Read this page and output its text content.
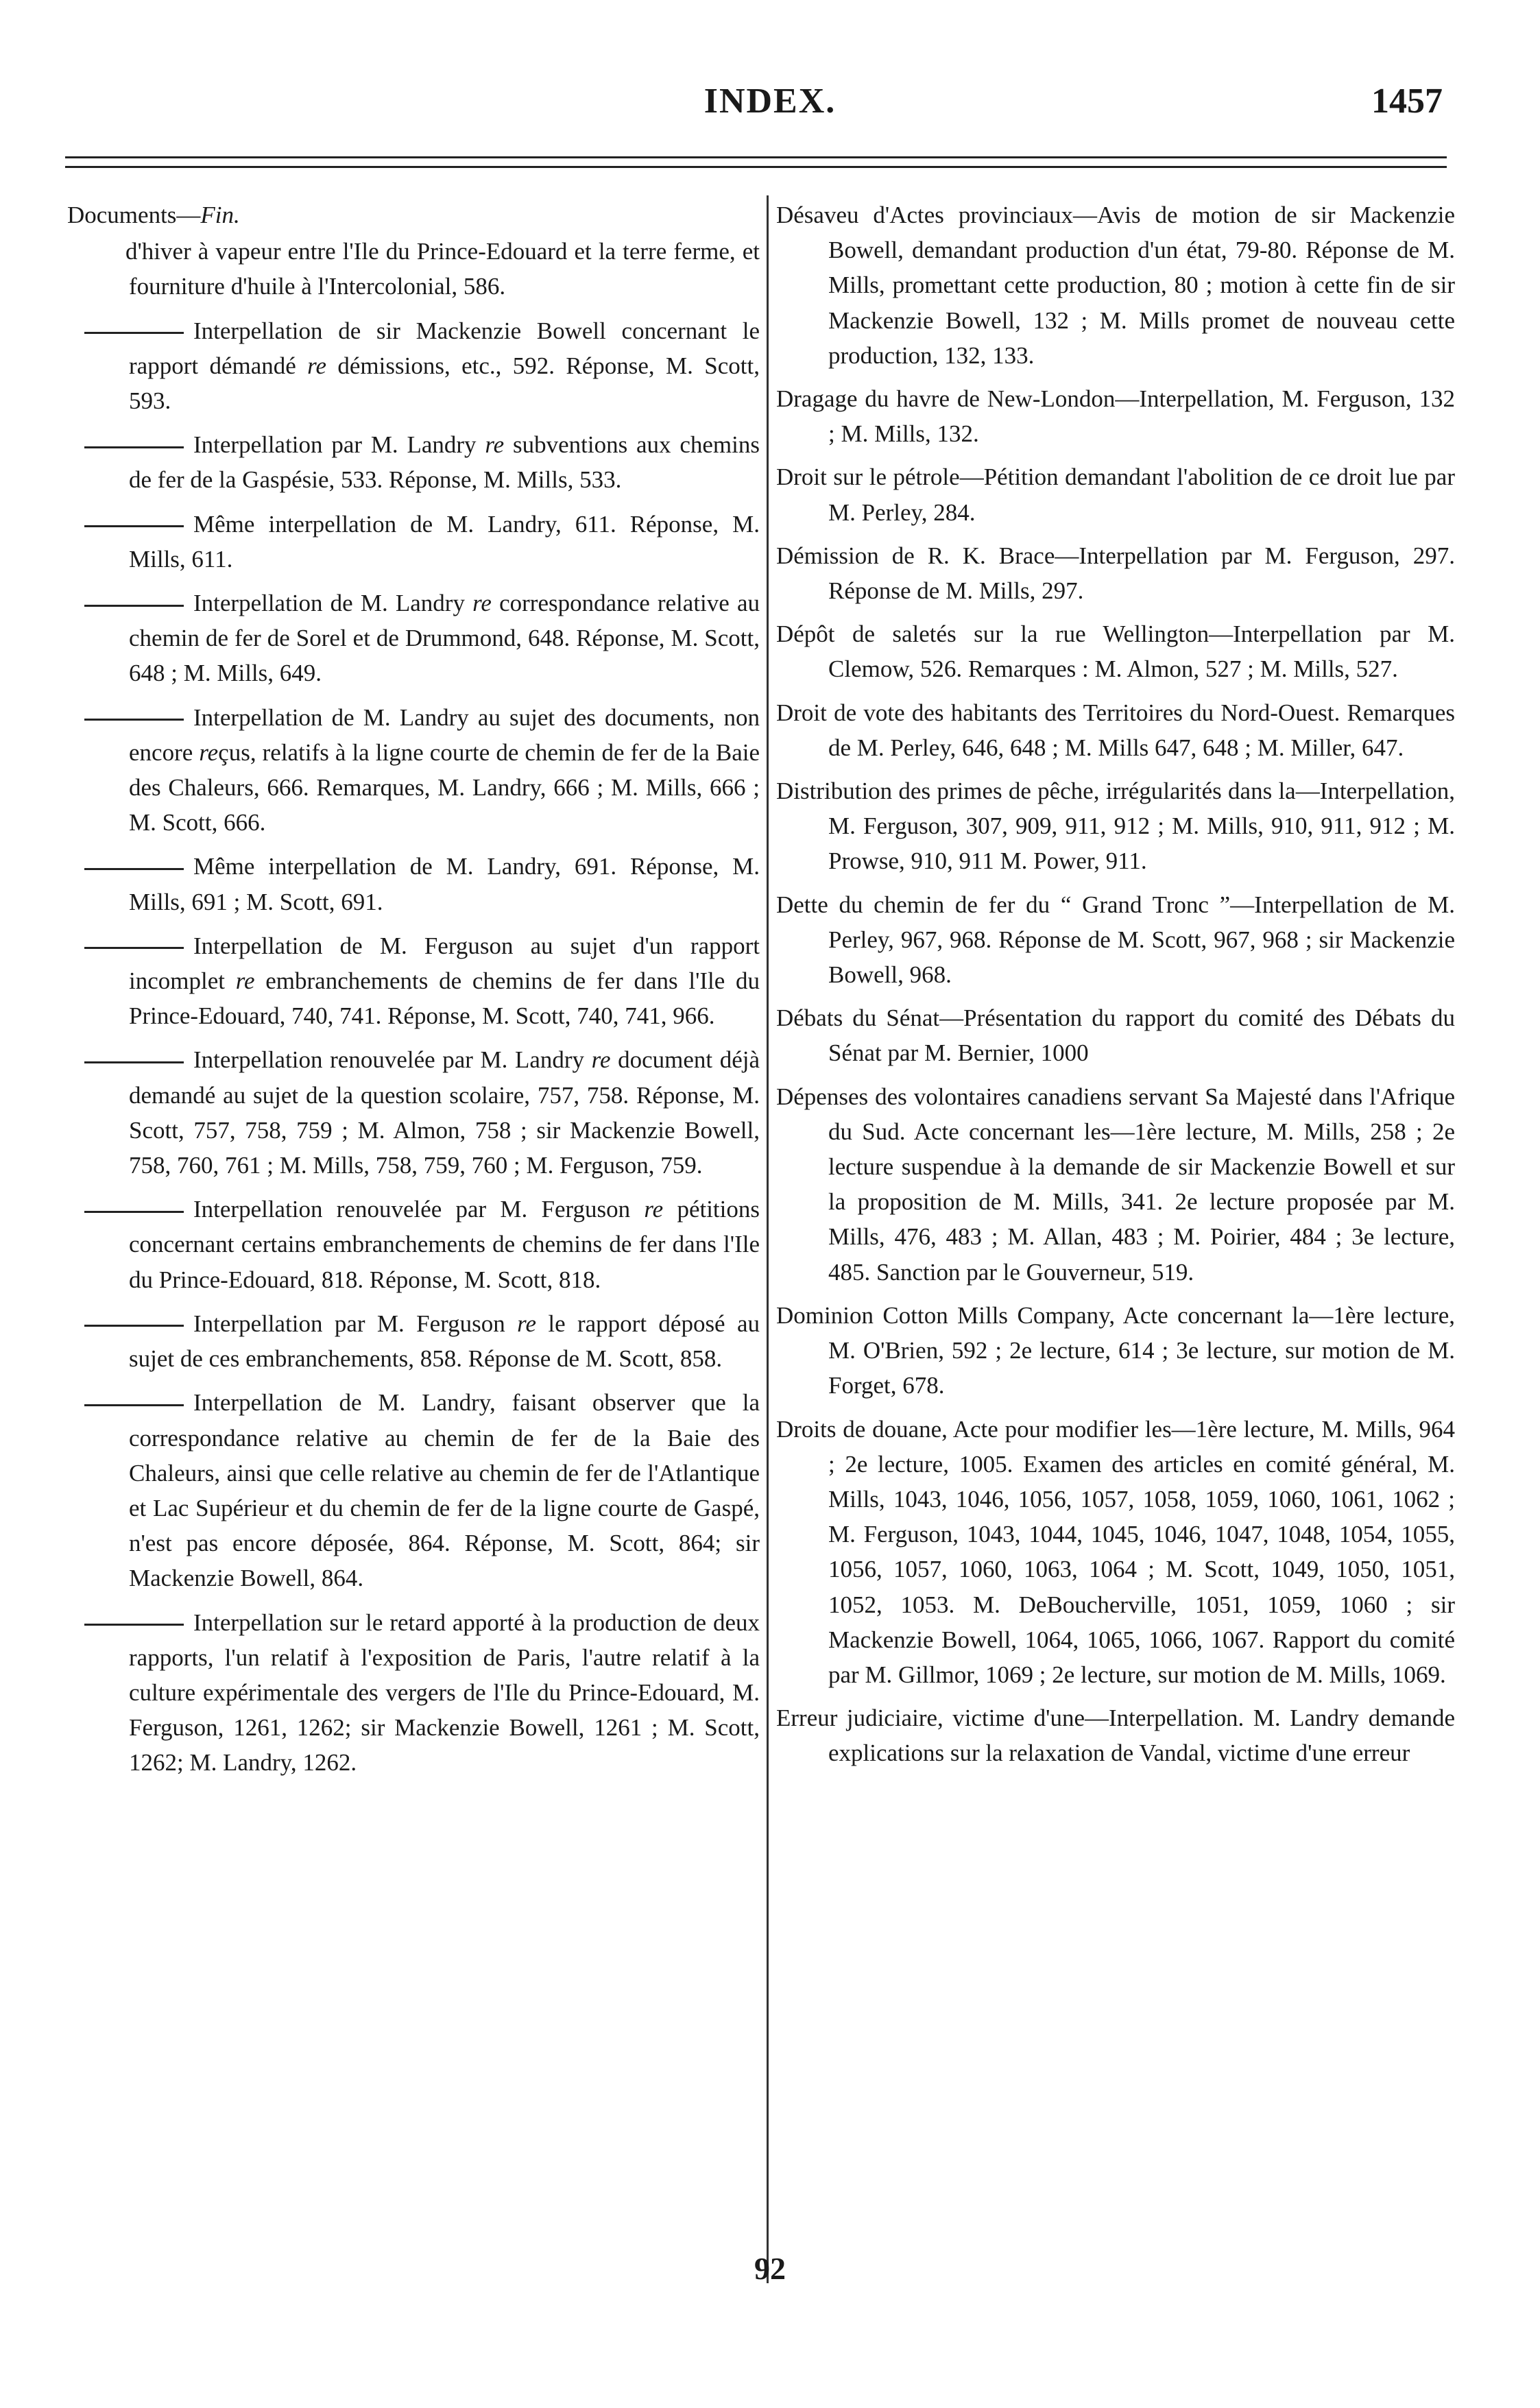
INDEX.	1457

Documents—Fin.

d'hiver à vapeur entre l'Ile du Prince-Edouard et la terre ferme, et fourniture d'huile à l'Intercolonial, 586.

Interpellation de sir Mackenzie Bowell concernant le rapport démandé re démissions, etc., 592. Réponse, M. Scott, 593.

Interpellation par M. Landry re subventions aux chemins de fer de la Gaspésie, 533. Réponse, M. Mills, 533.

Même interpellation de M. Landry, 611. Réponse, M. Mills, 611.

Interpellation de M. Landry re correspondance relative au chemin de fer de Sorel et de Drummond, 648. Réponse, M. Scott, 648 ; M. Mills, 649.

Interpellation de M. Landry au sujet des documents, non encore reçus, relatifs à la ligne courte de chemin de fer de la Baie des Chaleurs, 666. Remarques, M. Landry, 666 ; M. Mills, 666 ; M. Scott, 666.

Même interpellation de M. Landry, 691. Réponse, M. Mills, 691 ; M. Scott, 691.

Interpellation de M. Ferguson au sujet d'un rapport incomplet re embranchements de chemins de fer dans l'Ile du Prince-Edouard, 740, 741. Réponse, M. Scott, 740, 741, 966.

Interpellation renouvelée par M. Landry re document déjà demandé au sujet de la question scolaire, 757, 758. Réponse, M. Scott, 757, 758, 759 ; M. Almon, 758 ; sir Mackenzie Bowell, 758, 760, 761 ; M. Mills, 758, 759, 760 ; M. Ferguson, 759.

Interpellation renouvelée par M. Ferguson re pétitions concernant certains embranchements de chemins de fer dans l'Ile du Prince-Edouard, 818. Réponse, M. Scott, 818.

Interpellation par M. Ferguson re le rapport déposé au sujet de ces embranchements, 858. Réponse de M. Scott, 858.

Interpellation de M. Landry, faisant observer que la correspondance relative au chemin de fer de la Baie des Chaleurs, ainsi que celle relative au chemin de fer de l'Atlantique et Lac Supérieur et du chemin de fer de la ligne courte de Gaspé, n'est pas encore déposée, 864. Réponse, M. Scott, 864; sir Mackenzie Bowell, 864.

Interpellation sur le retard apporté à la production de deux rapports, l'un relatif à l'exposition de Paris, l'autre relatif à la culture expérimentale des vergers de l'Ile du Prince-Edouard, M. Ferguson, 1261, 1262; sir Mackenzie Bowell, 1261 ; M. Scott, 1262; M. Landry, 1262.

Désaveu d'Actes provinciaux—Avis de motion de sir Mackenzie Bowell, demandant production d'un état, 79-80. Réponse de M. Mills, promettant cette production, 80 ; motion à cette fin de sir Mackenzie Bowell, 132 ; M. Mills promet de nouveau cette production, 132, 133.

Dragage du havre de New-London—Interpellation, M. Ferguson, 132 ; M. Mills, 132.

Droit sur le pétrole—Pétition demandant l'abolition de ce droit lue par M. Perley, 284.

Démission de R. K. Brace—Interpellation par M. Ferguson, 297. Réponse de M. Mills, 297.

Dépôt de saletés sur la rue Wellington—Interpellation par M. Clemow, 526. Remarques : M. Almon, 527 ; M. Mills, 527.

Droit de vote des habitants des Territoires du Nord-Ouest. Remarques de M. Perley, 646, 648 ; M. Mills 647, 648 ; M. Miller, 647.

Distribution des primes de pêche, irrégularités dans la—Interpellation, M. Ferguson, 307, 909, 911, 912 ; M. Mills, 910, 911, 912 ; M. Prowse, 910, 911 M. Power, 911.

Dette du chemin de fer du “ Grand Tronc ”—Interpellation de M. Perley, 967, 968. Réponse de M. Scott, 967, 968 ; sir Mackenzie Bowell, 968.

Débats du Sénat—Présentation du rapport du comité des Débats du Sénat par M. Bernier, 1000

Dépenses des volontaires canadiens servant Sa Majesté dans l'Afrique du Sud. Acte concernant les—1ère lecture, M. Mills, 258 ; 2e lecture suspendue à la demande de sir Mackenzie Bowell et sur la proposition de M. Mills, 341. 2e lecture proposée par M. Mills, 476, 483 ; M. Allan, 483 ; M. Poirier, 484 ; 3e lecture, 485. Sanction par le Gouverneur, 519.

Dominion Cotton Mills Company, Acte concernant la—1ère lecture, M. O'Brien, 592 ; 2e lecture, 614 ; 3e lecture, sur motion de M. Forget, 678.

Droits de douane, Acte pour modifier les—1ère lecture, M. Mills, 964 ; 2e lecture, 1005. Examen des articles en comité général, M. Mills, 1043, 1046, 1056, 1057, 1058, 1059, 1060, 1061, 1062 ; M. Ferguson, 1043, 1044, 1045, 1046, 1047, 1048, 1054, 1055, 1056, 1057, 1060, 1063, 1064 ; M. Scott, 1049, 1050, 1051, 1052, 1053. M. DeBoucherville, 1051, 1059, 1060 ; sir Mackenzie Bowell, 1064, 1065, 1066, 1067. Rapport du comité par M. Gillmor, 1069 ; 2e lecture, sur motion de M. Mills, 1069.

Erreur judiciaire, victime d'une—Interpellation. M. Landry demande explications sur la relaxation de Vandal, victime d'une erreur

92
